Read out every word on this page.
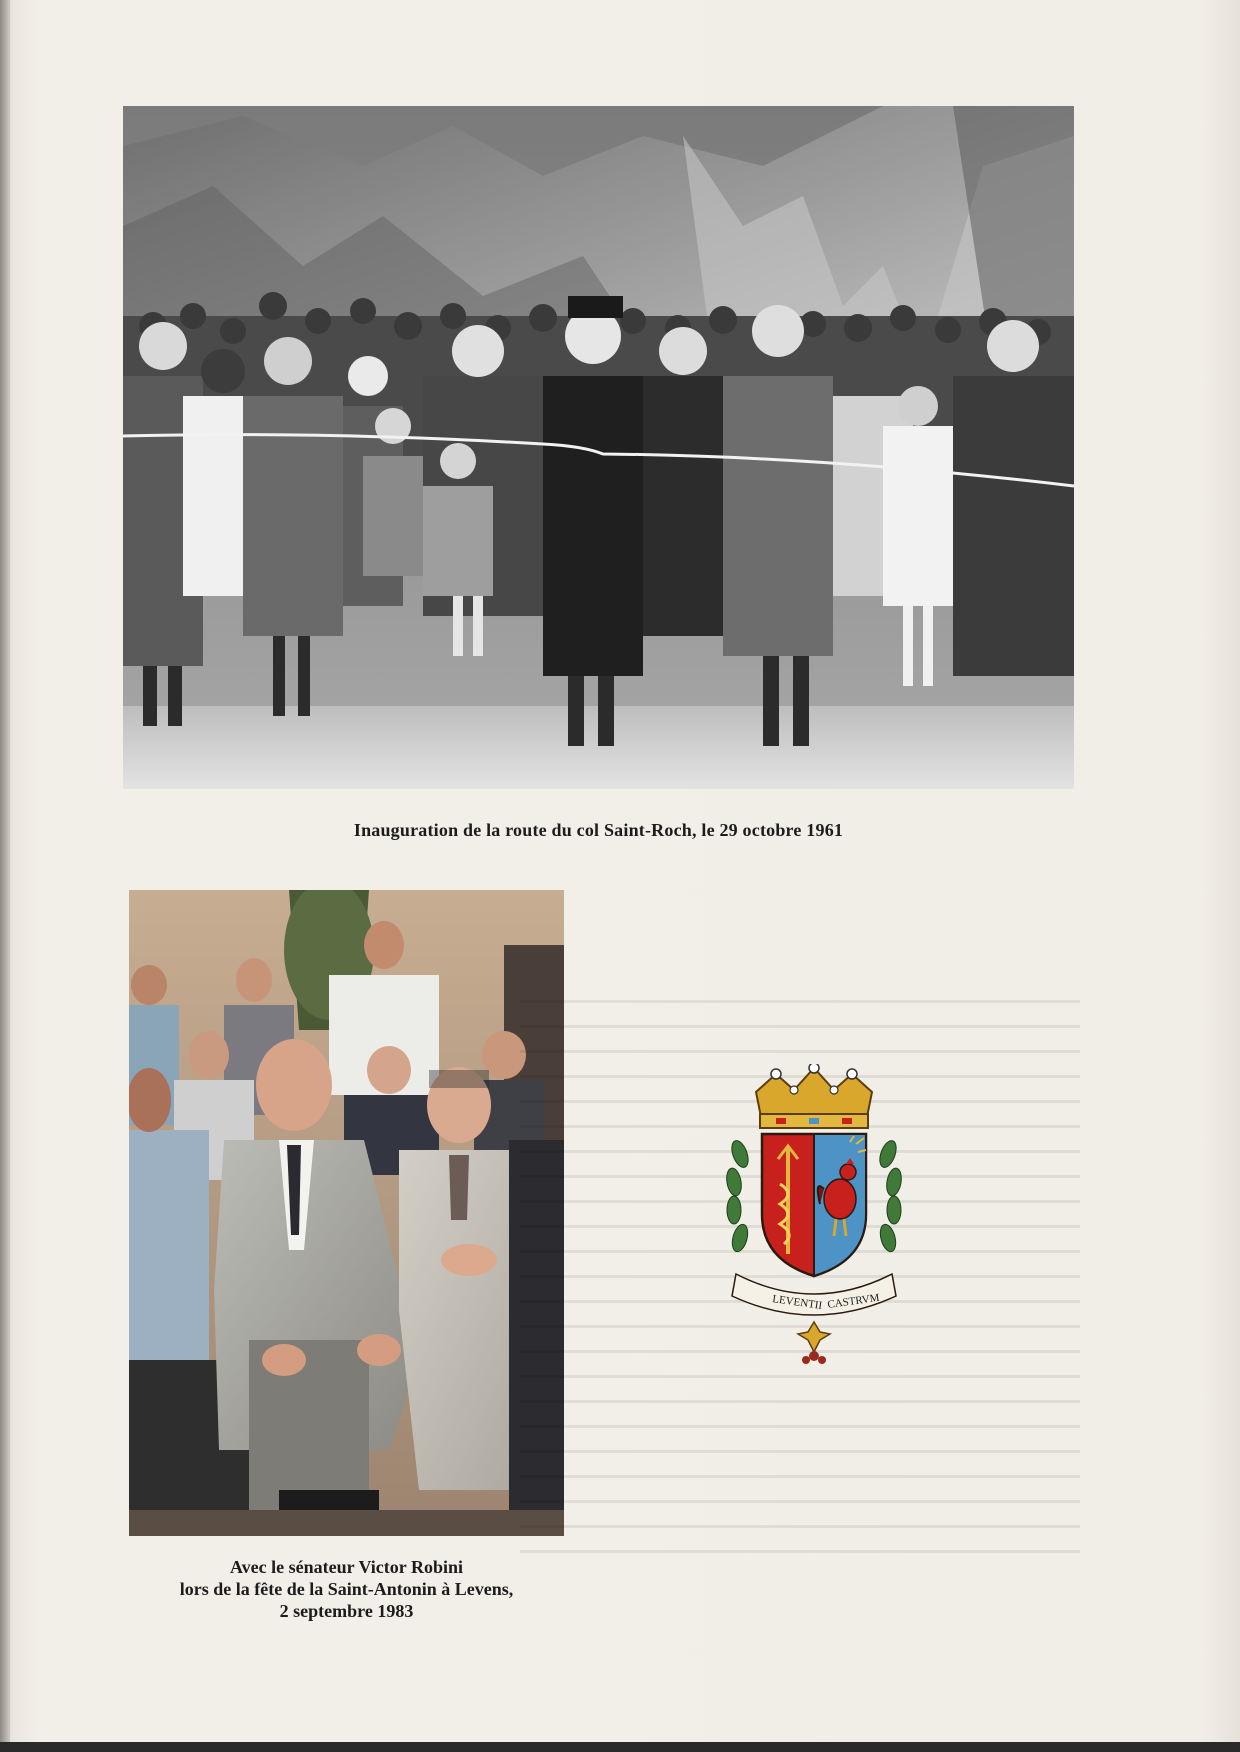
Inauguration de la route du col Saint-Roch, le 29 octobre 1961
Avec le sénateur Victor Robini
lors de la fête de la Saint-Antonin à Levens,
2 septembre 1983
LEVENTII CASTRVM
